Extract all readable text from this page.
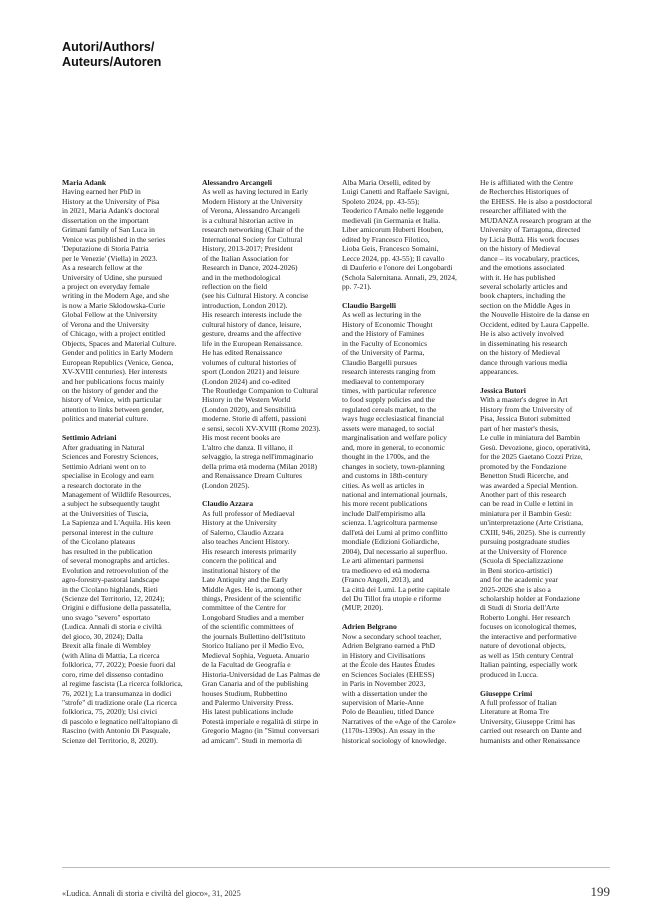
Autori/Authors/
Auteurs/Autoren
Maria Adank
Having earned her PhD in
History at the University of Pisa
in 2021, Maria Adank's doctoral
dissertation on the important
Grimani family of San Luca in
Venice was published in the series
'Deputazione di Storia Patria
per le Venezie' (Viella) in 2023.
As a research fellow at the
University of Udine, she pursued
a project on everyday female
writing in the Modern Age, and she
is now a Marie Skłodowska-Curie
Global Fellow at the University
of Verona and the University
of Chicago, with a project entitled
Objects, Spaces and Material Culture.
Gender and politics in Early Modern
European Republics (Venice, Genoa,
XV-XVIII centuries). Her interests
and her publications focus mainly
on the history of gender and the
history of Venice, with particular
attention to links between gender,
politics and material culture.
Settimio Adriani
After graduating in Natural
Sciences and Forestry Sciences,
Settimio Adriani went on to
specialise in Ecology and earn
a research doctorate in the
Management of Wildlife Resources,
a subject he subsequently taught
at the Universities of Tuscia,
La Sapienza and L'Aquila. His keen
personal interest in the culture
of the Cicolano plateaus
has resulted in the publication
of several monographs and articles.
Evolution and retroevolution of the
agro-forestry-pastoral landscape
in the Cicolano highlands, Rieti
(Scienze del Territorio, 12, 2024);
Origini e diffusione della passatella,
uno svago "severo" esportato
(Ludica. Annali di storia e civiltà
del gioco, 30, 2024); Dalla
Brexit alla finale di Wembley
(with Alina di Mattia, La ricerca
folklorica, 77, 2022); Poesie fuori dal
coro, rime del dissenso contadino
al regime fascista (La ricerca folklorica,
76, 2021); La transumanza in dodici
"strofe" di tradizione orale (La ricerca
folklorica, 75, 2020); Usi civici
di pascolo e legnatico nell'altopiano di
Rascino (with Antonio Di Pasquale,
Scienze del Territorio, 8, 2020).
Alessandro Arcangeli
As well as having lectured in Early
Modern History at the University
of Verona, Alessandro Arcangeli
is a cultural historian active in
research networking (Chair of the
International Society for Cultural
History, 2013-2017; President
of the Italian Association for
Research in Dance, 2024-2026)
and in the methodological
reflection on the field
(see his Cultural History. A concise
introduction, London 2012).
His research interests include the
cultural history of dance, leisure,
gesture, dreams and the affective
life in the European Renaissance.
He has edited Renaissance
volumes of cultural histories of
sport (London 2021) and leisure
(London 2024) and co-edited
The Routledge Companion to Cultural
History in the Western World
(London 2020), and Sensibilità
moderne. Storie di affetti, passioni
e sensi, secoli XV-XVIII (Rome 2023).
His most recent books are
L'altro che danza. Il villano, il
selvaggio, la strega nell'immaginario
della prima età moderna (Milan 2018)
and Renaissance Dream Cultures
(London 2025).
Claudio Azzara
As full professor of Mediaeval
History at the University
of Salerno, Claudio Azzara
also teaches Ancient History.
His research interests primarily
concern the political and
institutional history of the
Late Antiquity and the Early
Middle Ages. He is, among other
things, President of the scientific
committee of the Centre for
Longobard Studies and a member
of the scientific committees of
the journals Bullettino dell'Istituto
Storico Italiano per il Medio Evo,
Medieval Sophia, Vegueta. Anuario
de la Facultad de Geografía e
Historia-Universidad de Las Palmas de
Gran Canaria and of the publishing
houses Studium, Rubbettino
and Palermo University Press.
His latest publications include
Potestà imperiale e regalità di stirpe in
Gregorio Magno (in "Simul conversari
ad amicam". Studi in memoria di
Alba Maria Orselli, edited by
Luigi Canetti and Raffaele Savigni,
Spoleto 2024, pp. 43-55);
Teoderico l'Amalo nelle leggende
medievali (in Germania et Italia.
Liber amicorum Huberti Houben,
edited by Francesco Filotico,
Lioba Geis, Francesco Somaini,
Lecce 2024, pp. 43-55); Il cavallo
di Dauferio e l'onore dei Longobardi
(Schola Salernitana. Annali, 29, 2024,
pp. 7-21).
Claudio Bargelli
As well as lecturing in the
History of Economic Thought
and the History of Famines
in the Faculty of Economics
of the University of Parma,
Claudio Bargelli pursues
research interests ranging from
mediaeval to contemporary
times, with particular reference
to food supply policies and the
regulated cereals market, to the
ways huge ecclesiastical financial
assets were managed, to social
marginalisation and welfare policy
and, more in general, to economic
thought in the 1700s, and the
changes in society, town-planning
and customs in 18th-century
cities. As well as articles in
national and international journals,
his more recent publications
include Dall'empirismo alla
scienza. L'agricoltura parmense
dall'età dei Lumi al primo conflitto
mondiale (Edizioni Goliardiche,
2004), Dal necessario al superfluo.
Le arti alimentari parmensi
tra medioevo ed età moderna
(Franco Angeli, 2013), and
La città dei Lumi. La petite capitale
del Du Tillot fra utopie e riforme
(MUP, 2020).
Adrien Belgrano
Now a secondary school teacher,
Adrien Belgrano earned a PhD
in History and Civilisations
at the École des Hautes Études
en Sciences Sociales (EHESS)
in Paris in November 2023,
with a dissertation under the
supervision of Marie-Anne
Polo de Beaulieu, titled Dance
Narratives of the «Age of the Carole»
(1170s-1390s). An essay in the
historical sociology of knowledge.
He is affiliated with the Centre
de Recherches Historiques of
the EHESS. He is also a postdoctoral
researcher affiliated with the
MUDANZA research program at the
University of Tarragona, directed
by Licia Buttà. His work focuses
on the history of Medieval
dance – its vocabulary, practices,
and the emotions associated
with it. He has published
several scholarly articles and
book chapters, including the
section on the Middle Ages in
the Nouvelle Histoire de la danse en
Occident, edited by Laura Cappelle.
He is also actively involved
in disseminating his research
on the history of Medieval
dance through various media
appearances.
Jessica Butori
With a master's degree in Art
History from the University of
Pisa, Jessica Butori submitted
part of her master's thesis,
Le culle in miniatura del Bambin
Gesù. Devozione, gioco, operatività,
for the 2025 Gaetano Cozzi Prize,
promoted by the Fondazione
Benetton Studi Ricerche, and
was awarded a Special Mention.
Another part of this research
can be read in Culle e lettini in
miniatura per il Bambin Gesù:
un'interpretazione (Arte Cristiana,
CXIII, 946, 2025). She is currently
pursuing postgraduate studies
at the University of Florence
(Scuola di Specializzazione
in Beni storico-artistici)
and for the academic year
2025-2026 she is also a
scholarship holder at Fondazione
di Studi di Storia dell'Arte
Roberto Longhi. Her research
focuses on iconological themes,
the interactive and performative
nature of devotional objects,
as well as 15th century Central
Italian painting, especially work
produced in Lucca.
Giuseppe Crimi
A full professor of Italian
Literature at Roma Tre
University, Giuseppe Crimi has
carried out research on Dante and
humanists and other Renaissance
«Ludica. Annali di storia e civiltà del gioco», 31, 2025	199
